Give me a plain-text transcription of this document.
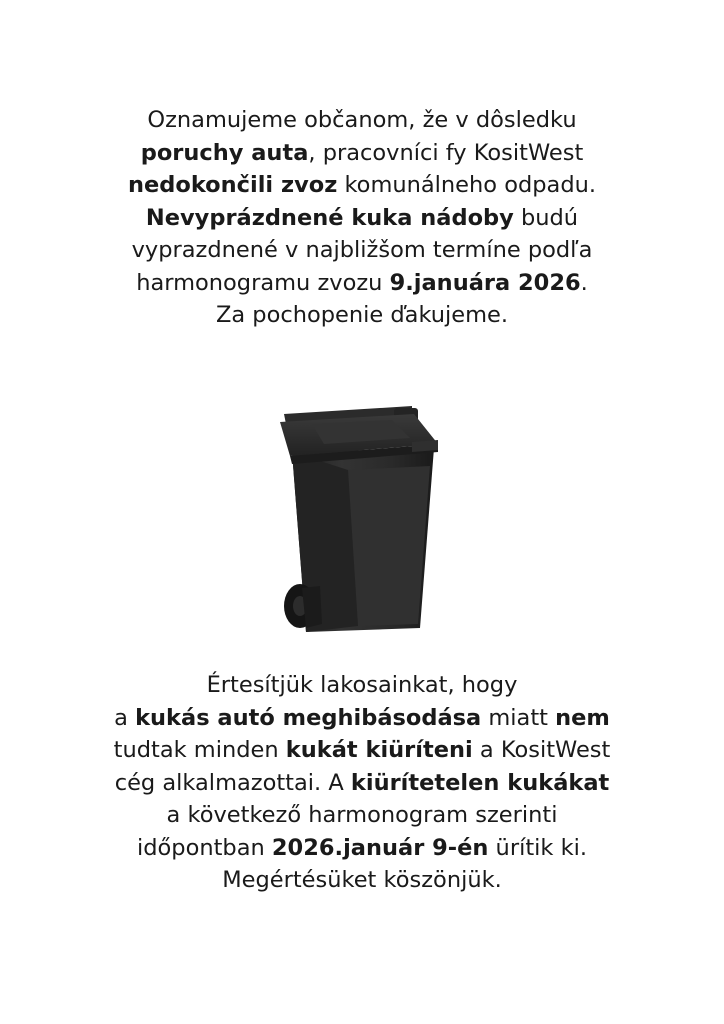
Oznamujeme občanom, že v dôsledku
poruchy auta, pracovníci fy KositWest
nedokončili zvoz komunálneho odpadu.
Nevyprázdnené kuka nádoby budú
vyprazdnené v najbližšom termíne podľa
harmonogramu zvozu 9.januára 2026.
Za pochopenie ďakujeme.
Értesítjük lakosainkat, hogy
a kukás autó meghibásodása miatt nem
tudtak minden kukát kiüríteni a KositWest
cég alkalmazottai. A kiürítetelen kukákat
a következő harmonogram szerinti
időpontban 2026.január 9-én ürítik ki.
Megértésüket köszönjük.
